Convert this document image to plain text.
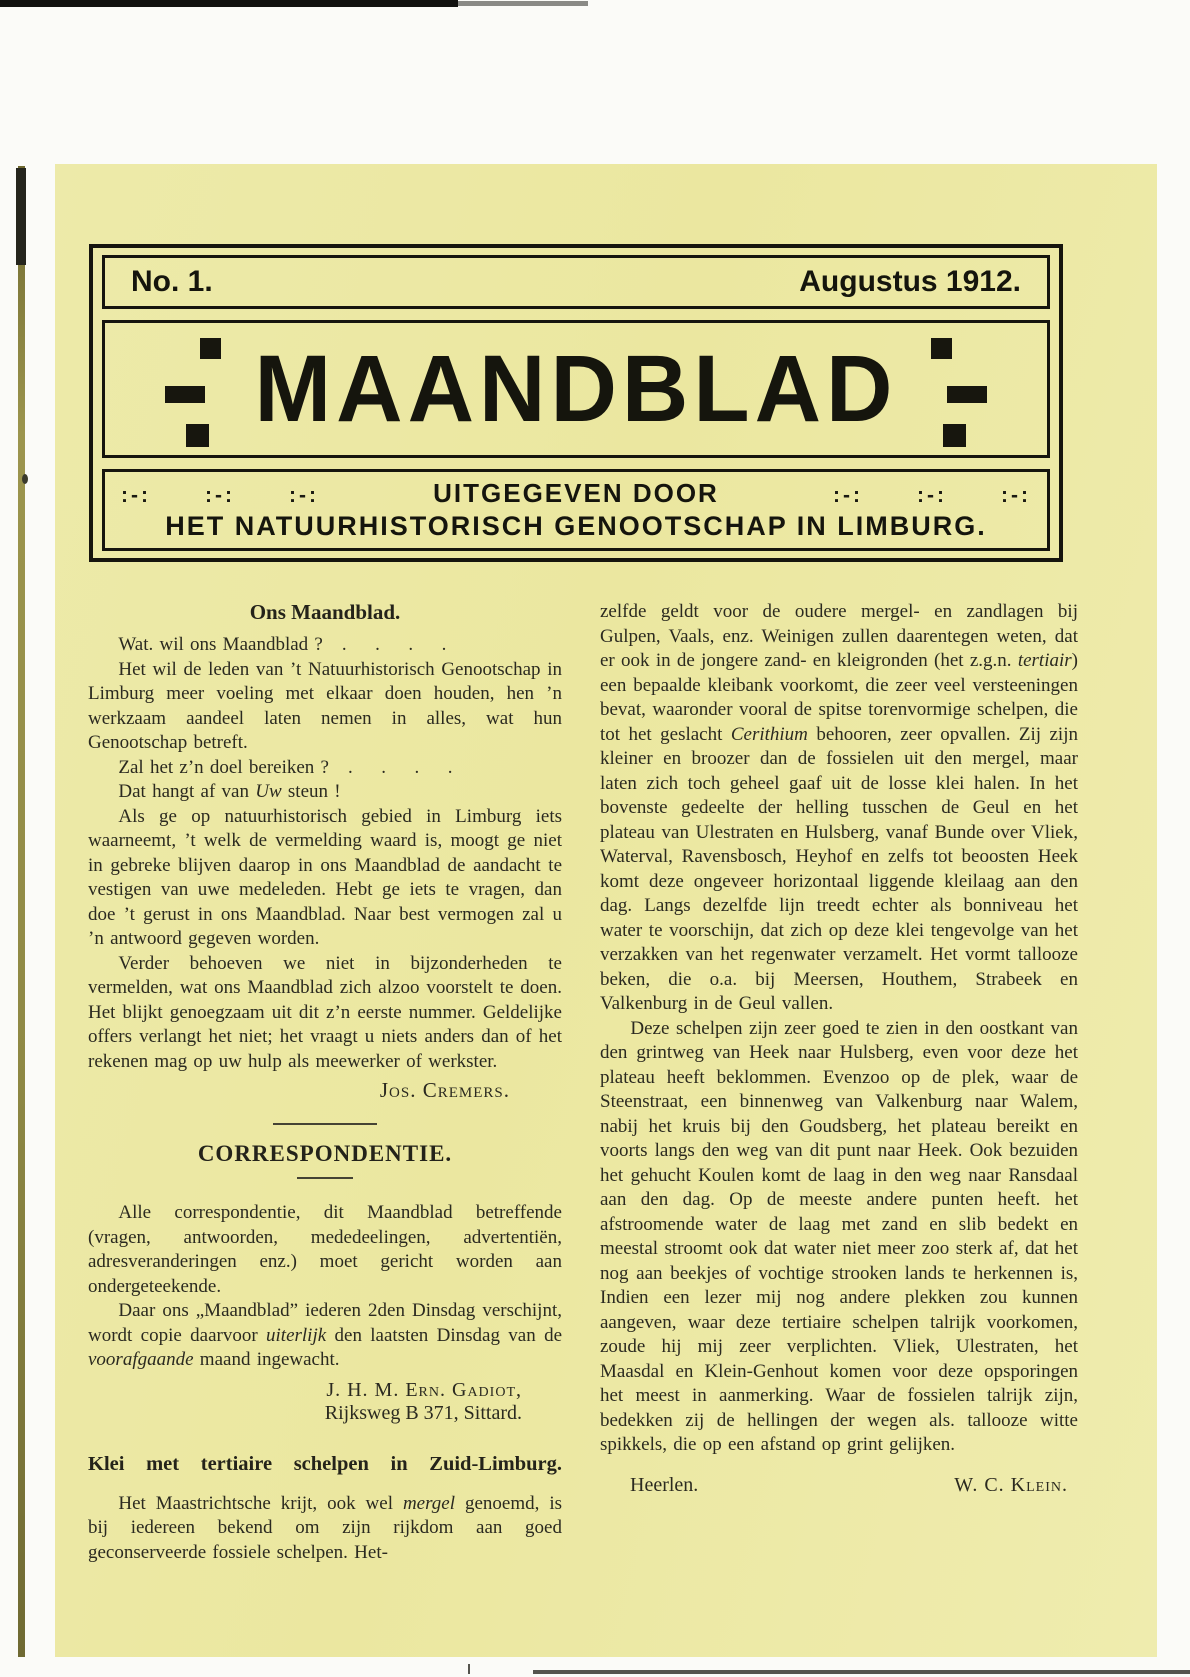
No. 1.	Augustus 1912.
MAANDBLAD
:-:    :-:    :-:	UITGEGEVEN DOOR	:-:    :-:    :-:
HET NATUURHISTORISCH GENOOTSCHAP IN LIMBURG.
Ons Maandblad.

Wat. wil ons Maandblad ?  .   .   .   .

Het wil de leden van ’t Natuurhistorisch Genootschap in Limburg meer voeling met elkaar doen houden, hen ’n werkzaam aandeel laten nemen in alles, wat hun Genootschap betreft.

Zal het z’n doel bereiken ?  .   .   .   .

Dat hangt af van Uw steun !

Als ge op natuurhistorisch gebied in Limburg iets waarneemt, ’t welk de vermelding waard is, moogt ge niet in gebreke blijven daarop in ons Maandblad de aandacht te vestigen van uwe medeleden. Hebt ge iets te vragen, dan doe ’t gerust in ons Maandblad. Naar best vermogen zal u ’n antwoord gegeven worden.

Verder behoeven we niet in bijzonderheden te vermelden, wat ons Maandblad zich alzoo voorstelt te doen. Het blijkt genoegzaam uit dit z’n eerste nummer. Geldelijke offers verlangt het niet; het vraagt u niets anders dan of het rekenen mag op uw hulp als meewerker of werkster.

Jos. Cremers.
CORRESPONDENTIE.

Alle correspondentie, dit Maandblad betreffende (vragen, antwoorden, mededeelingen, advertentiën, adresveranderingen enz.) moet gericht worden aan ondergeteekende.

Daar ons „Maandblad” iederen 2den Dinsdag verschijnt, wordt copie daarvoor uiterlijk den laatsten Dinsdag van de voorafgaande maand ingewacht.

J. H. M. Ern. Gadiot,
Rijksweg B 371, Sittard.
Klei met tertiaire schelpen in Zuid-Limburg.

Het Maastrichtsche krijt, ook wel mergel genoemd, is bij iedereen bekend om zijn rijkdom aan goed geconserveerde fossiele schelpen. Het-

zelfde geldt voor de oudere mergel- en zandlagen bij Gulpen, Vaals, enz. Weinigen zullen daarentegen weten, dat er ook in de jongere zand- en kleigronden (het z.g.n. tertiair) een bepaalde kleibank voorkomt, die zeer veel versteeningen bevat, waaronder vooral de spitse torenvormige schelpen, die tot het geslacht Cerithium behooren, zeer opvallen. Zij zijn kleiner en broozer dan de fossielen uit den mergel, maar laten zich toch geheel gaaf uit de losse klei halen. In het bovenste gedeelte der helling tusschen de Geul en het plateau van Ulestraten en Hulsberg, vanaf Bunde over Vliek, Waterval, Ravensbosch, Heyhof en zelfs tot beoosten Heek komt deze ongeveer horizontaal liggende kleilaag aan den dag. Langs dezelfde lijn treedt echter als bonniveau het water te voorschijn, dat zich op deze klei tengevolge van het verzakken van het regenwater verzamelt. Het vormt tallooze beken, die o.a. bij Meersen, Houthem, Strabeek en Valkenburg in de Geul vallen.

Deze schelpen zijn zeer goed te zien in den oostkant van den grintweg van Heek naar Hulsberg, even voor deze het plateau heeft beklommen. Evenzoo op de plek, waar de Steenstraat, een binnenweg van Valkenburg naar Walem, nabij het kruis bij den Goudsberg, het plateau bereikt en voorts langs den weg van dit punt naar Heek. Ook bezuiden het gehucht Koulen komt de laag in den weg naar Ransdaal aan den dag. Op de meeste andere punten heeft. het afstroomende water de laag met zand en slib bedekt en meestal stroomt ook dat water niet meer zoo sterk af, dat het nog aan beekjes of vochtige strooken lands te herkennen is, Indien een lezer mij nog andere plekken zou kunnen aangeven, waar deze tertiaire schelpen talrijk voorkomen, zoude hij mij zeer verplichten. Vliek, Ulestraten, het Maasdal en Klein-Genhout komen voor deze opsporingen het meest in aanmerking. Waar de fossielen talrijk zijn, bedekken zij de hellingen der wegen als. tallooze witte spikkels, die op een afstand op grint gelijken.

Heerlen.	W. C. Klein.
